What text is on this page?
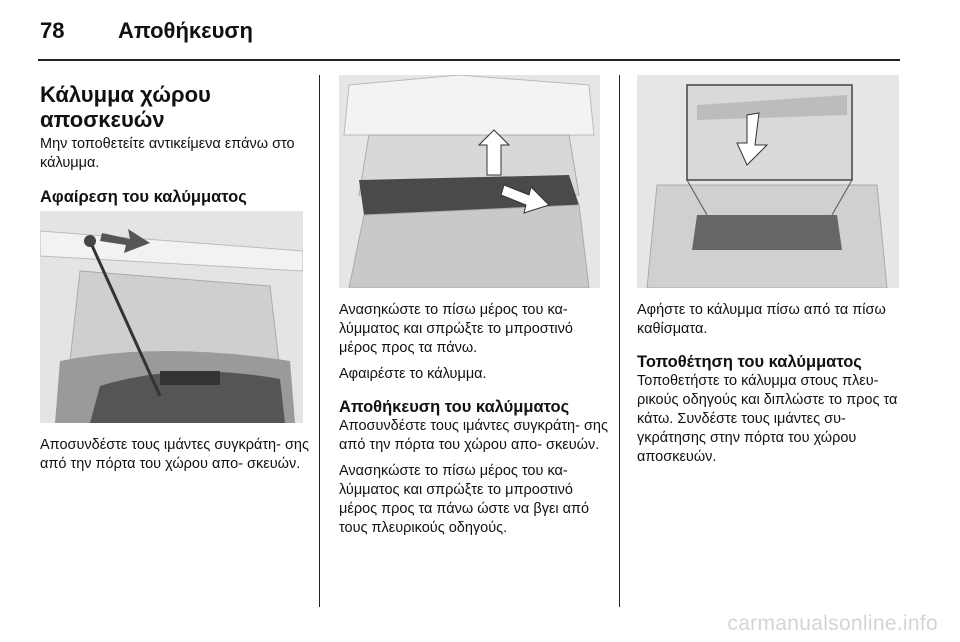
78 Αποθήκευση
Κάλυμμα χώρου αποσκευών

Μην τοποθετείτε αντικείμενα επάνω στο κάλυμμα.

Αφαίρεση του καλύμματος

Αποσυνδέστε τους ιμάντες συγκράτη- σης από την πόρτα του χώρου απο- σκευών.

Ανασηκώστε το πίσω μέρος του κα- λύμματος και σπρώξτε το μπροστινό μέρος προς τα πάνω.

Αφαιρέστε το κάλυμμα.

Αποθήκευση του καλύμματος

Αποσυνδέστε τους ιμάντες συγκράτη- σης από την πόρτα του χώρου απο- σκευών.

Ανασηκώστε το πίσω μέρος του κα- λύμματος και σπρώξτε το μπροστινό μέρος προς τα πάνω ώστε να βγει από τους πλευρικούς οδηγούς.

Αφήστε το κάλυμμα πίσω από τα πίσω καθίσματα.

Τοποθέτηση του καλύμματος

Τοποθετήστε το κάλυμμα στους πλευ- ρικούς οδηγούς και διπλώστε το προς τα κάτω. Συνδέστε τους ιμάντες συ- γκράτησης στην πόρτα του χώρου αποσκευών.

carmanualsonline.info
